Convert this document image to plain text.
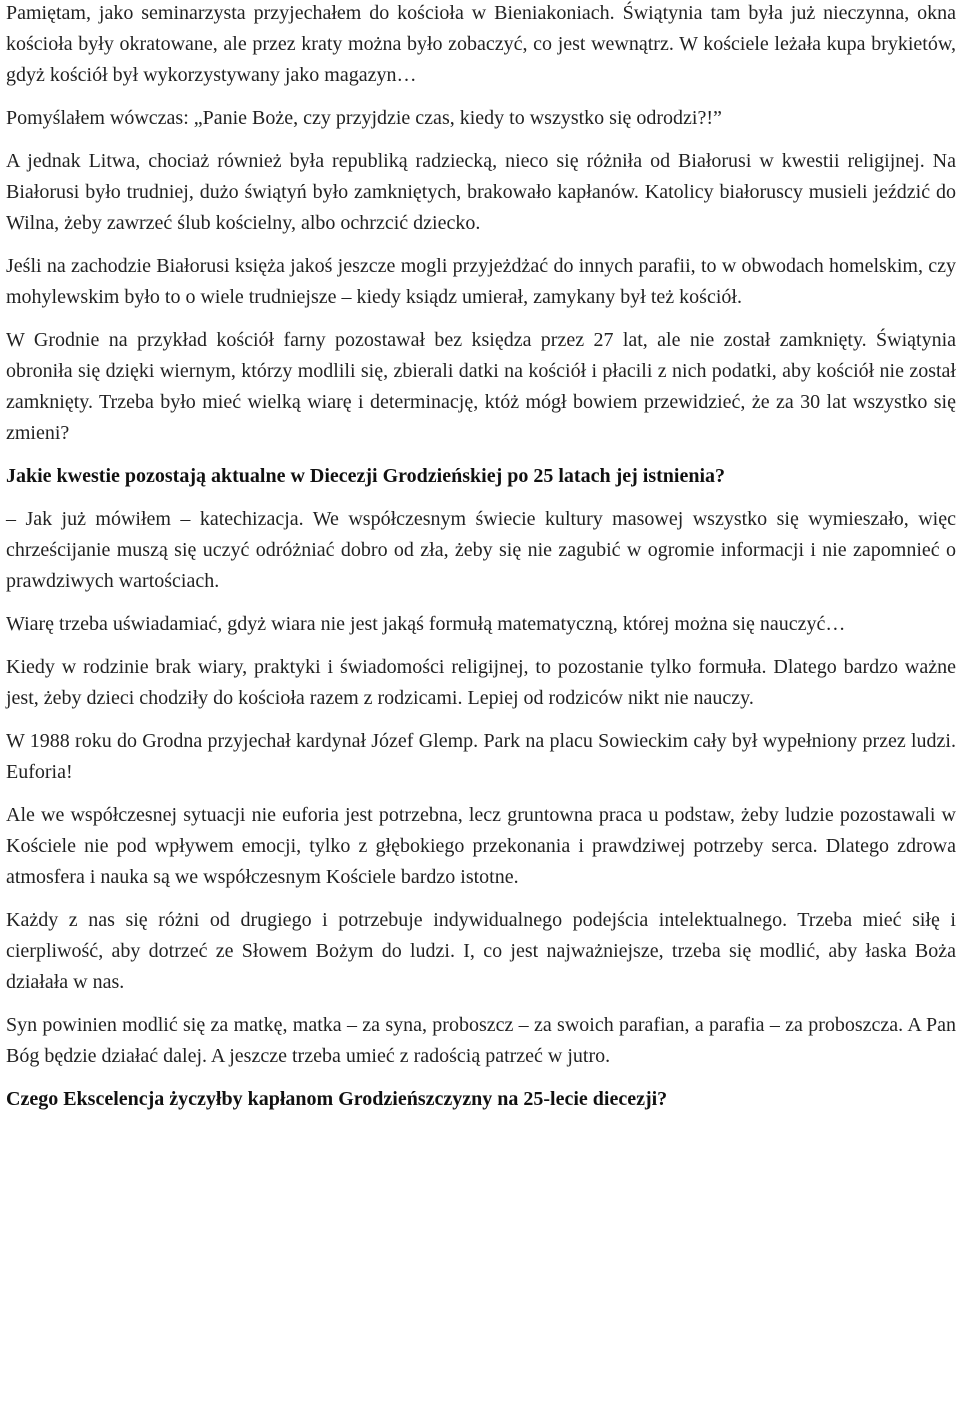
Pamiętam, jako seminarzysta przyjechałem do kościoła w Bieniakoniach. Świątynia tam była już nieczynna, okna kościoła były okratowane, ale przez kraty można było zobaczyć, co jest wewnątrz. W kościele leżała kupa brykietów, gdyż kościół był wykorzystywany jako magazyn…

Pomyślałem wówczas: „Panie Boże, czy przyjdzie czas, kiedy to wszystko się odrodzi?!”

A jednak Litwa, chociaż również była republiką radziecką, nieco się różniła od Białorusi w kwestii religijnej. Na Białorusi było trudniej, dużo świątyń było zamkniętych, brakowało kapłanów. Katolicy białoruscy musieli jeździć do Wilna, żeby zawrzeć ślub kościelny, albo ochrzcić dziecko.

Jeśli na zachodzie Białorusi księża jakoś jeszcze mogli przyjeżdżać do innych parafii, to w obwodach homelskim, czy mohylewskim było to o wiele trudniejsze – kiedy ksiądz umierał, zamykany był też kościół.

W Grodnie na przykład kościół farny pozostawał bez księdza przez 27 lat, ale nie został zamknięty. Świątynia obroniła się dzięki wiernym, którzy modlili się, zbierali datki na kościół i płacili z nich podatki, aby kościół nie został zamknięty. Trzeba było mieć wielką wiarę i determinację, któż mógł bowiem przewidzieć, że za 30 lat wszystko się zmieni?

Jakie kwestie pozostają aktualne w Diecezji Grodzieńskiej po 25 latach jej istnienia?

– Jak już mówiłem – katechizacja. We współczesnym świecie kultury masowej wszystko się wymieszało, więc chrześcijanie muszą się uczyć odróżniać dobro od zła, żeby się nie zagubić w ogromie informacji i nie zapomnieć o prawdziwych wartościach.

Wiarę trzeba uświadamiać, gdyż wiara nie jest jakąś formułą matematyczną, której można się nauczyć…

Kiedy w rodzinie brak wiary, praktyki i świadomości religijnej, to pozostanie tylko formuła. Dlatego bardzo ważne jest, żeby dzieci chodziły do kościoła razem z rodzicami. Lepiej od rodziców nikt nie nauczy.

W 1988 roku do Grodna przyjechał kardynał Józef Glemp. Park na placu Sowieckim cały był wypełniony przez ludzi. Euforia!

Ale we współczesnej sytuacji nie euforia jest potrzebna, lecz gruntowna praca u podstaw, żeby ludzie pozostawali w Kościele nie pod wpływem emocji, tylko z głębokiego przekonania i prawdziwej potrzeby serca. Dlatego zdrowa atmosfera i nauka są we współczesnym Kościele bardzo istotne.

Każdy z nas się różni od drugiego i potrzebuje indywidualnego podejścia intelektualnego. Trzeba mieć siłę i cierpliwość, aby dotrzeć ze Słowem Bożym do ludzi. I, co jest najważniejsze, trzeba się modlić, aby łaska Boża działała w nas.

Syn powinien modlić się za matkę, matka – za syna, proboszcz – za swoich parafian, a parafia – za proboszcza. A Pan Bóg będzie działać dalej. A jeszcze trzeba umieć z radością patrzeć w jutro.

Czego Ekscelencja życzyłby kapłanom Grodzieńszczyzny na 25-lecie diecezji?
